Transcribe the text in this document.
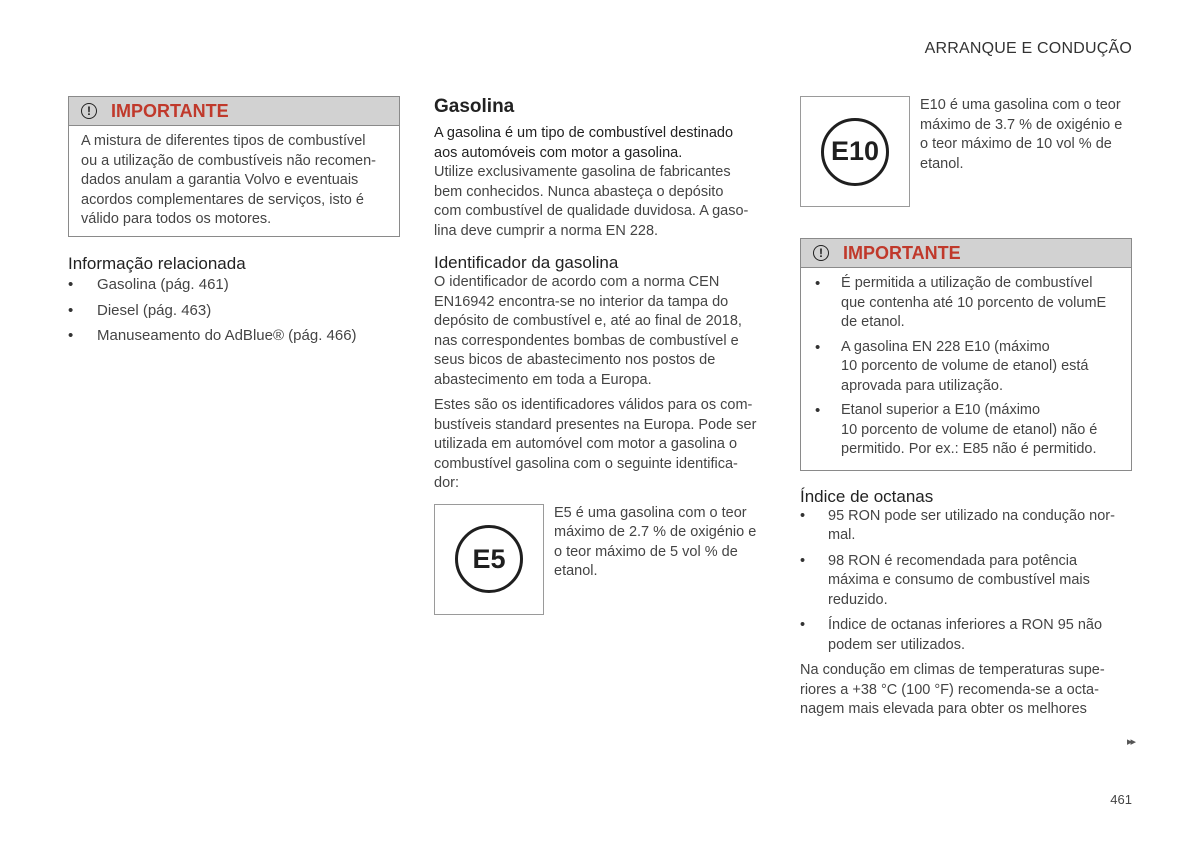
ARRANQUE E CONDUÇÃO
!	IMPORTANTE
A mistura de diferentes tipos de combustível
ou a utilização de combustíveis não recomen-
dados anulam a garantia Volvo e eventuais
acordos complementares de serviços, isto é
válido para todos os motores.
Informação relacionada
• Gasolina (pág. 461)
• Diesel (pág. 463)
• Manuseamento do AdBlue® (pág. 466)
Gasolina
A gasolina é um tipo de combustível destinado
aos automóveis com motor a gasolina.
Utilize exclusivamente gasolina de fabricantes
bem conhecidos. Nunca abasteça o depósito
com combustível de qualidade duvidosa. A gaso-
lina deve cumprir a norma EN 228.
Identificador da gasolina
O identificador de acordo com a norma CEN
EN16942 encontra-se no interior da tampa do
depósito de combustível e, até ao final de 2018,
nas correspondentes bombas de combustível e
seus bicos de abastecimento nos postos de
abastecimento em toda a Europa.
Estes são os identificadores válidos para os com-
bustíveis standard presentes na Europa. Pode ser
utilizada em automóvel com motor a gasolina o
combustível gasolina com o seguinte identifica-
dor:
E5
E5 é uma gasolina com o teor
máximo de 2.7 % de oxigénio e
o teor máximo de 5 vol % de
etanol.
E10
E10 é uma gasolina com o teor
máximo de 3.7 % de oxigénio e
o teor máximo de 10 vol % de
etanol.
!	IMPORTANTE
• É permitida a utilização de combustível
que contenha até 10 porcento de volumE
de etanol.
• A gasolina EN 228 E10 (máximo
10 porcento de volume de etanol) está
aprovada para utilização.
• Etanol superior a E10 (máximo
10 porcento de volume de etanol) não é
permitido. Por ex.: E85 não é permitido.
Índice de octanas
• 95 RON pode ser utilizado na condução nor-
mal.
• 98 RON é recomendada para potência
máxima e consumo de combustível mais
reduzido.
• Índice de octanas inferiores a RON 95 não
podem ser utilizados.
Na condução em climas de temperaturas supe-
riores a +38 °C (100 °F) recomenda-se a octa-
nagem mais elevada para obter os melhores
▸▸
461
